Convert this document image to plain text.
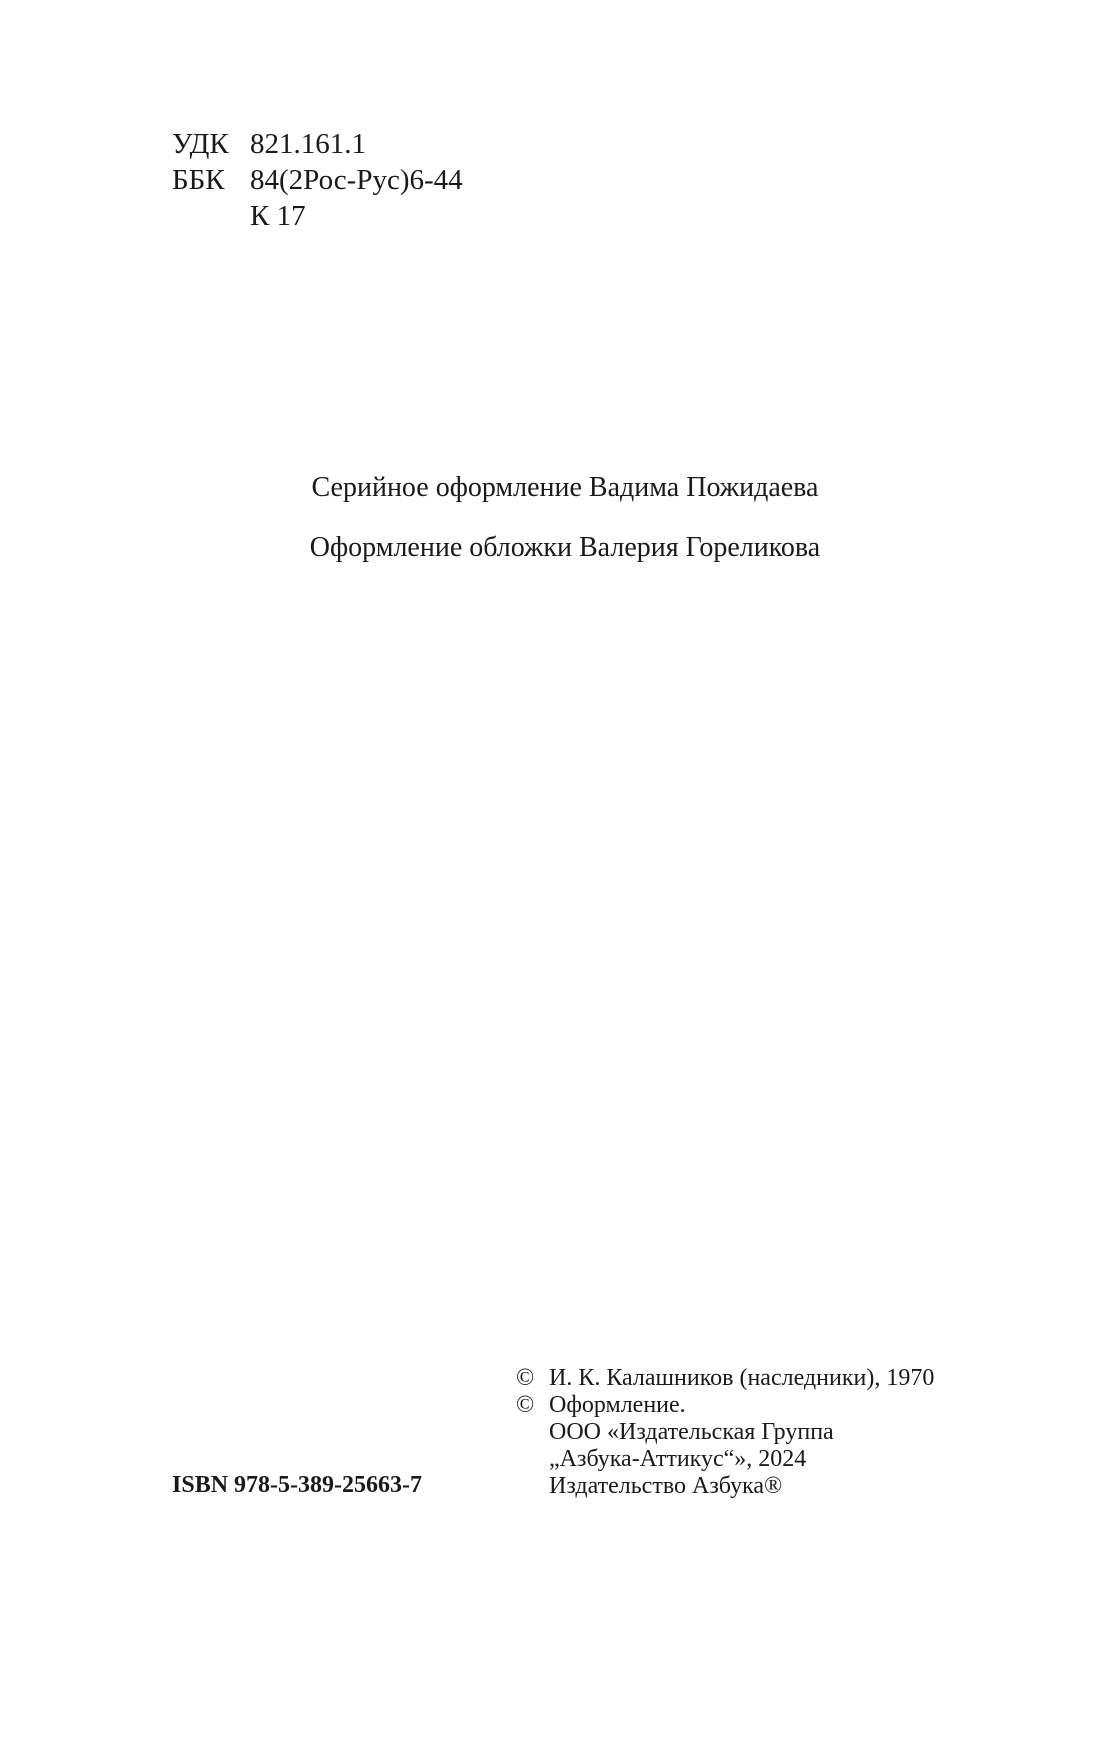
УДК 821.161.1
ББК 84(2Рос-Рус)6-44
К 17
Серийное оформление Вадима Пожидаева
Оформление обложки Валерия Гореликова
ISBN 978-5-389-25663-7
© И. К. Калашников (наследники), 1970
© Оформление.
ООО «Издательская Группа
„Азбука-Аттикус“», 2024
Издательство Азбука®
